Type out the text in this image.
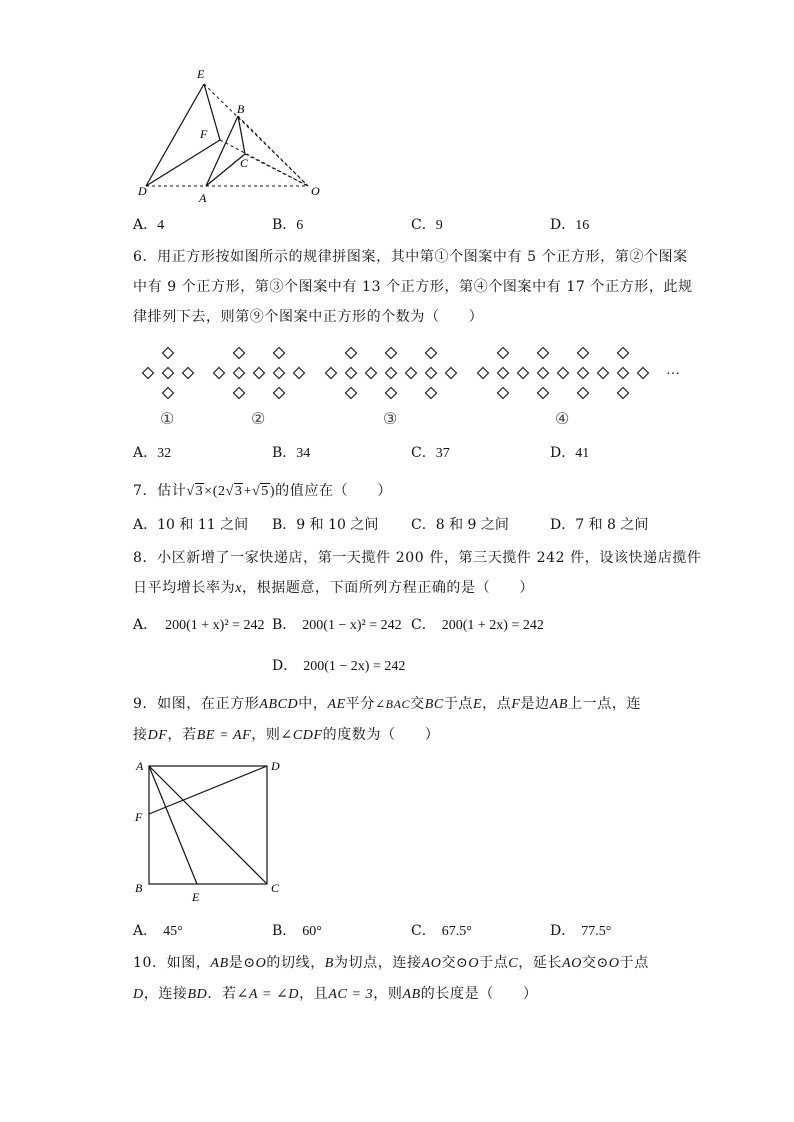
E
B
F
C
D	A	O
A．4	B．6	C．9	D．16
6．用正方形按如图所示的规律拼图案，其中第①个图案中有 5 个正方形，第②个图案
中有 9 个正方形，第③个图案中有 13 个正方形，第④个图案中有 17 个正方形，此规
律排列下去，则第⑨个图案中正方形的个数为（　　）
···
①	②	③	④
A．32	B．34	C．37	D．41
7．估计√3×(2√3+√5)的值应在（　　）
A．10 和 11 之间 B．9 和 10 之间 C．8 和 9 之间	D．7 和 8 之间
8．小区新增了一家快递店，第一天揽件 200 件，第三天揽件 242 件，设该快递店揽件
日平均增长率为x，根据题意，下面所列方程正确的是（　　）
A． 200(1 + x)² = 242 B． 200(1 − x)² = 242 C． 200(1 + 2x) = 242
D． 200(1 − 2x) = 242
9．如图，在正方形ABCD中，AE平分∠BAC交BC于点E，点F是边AB上一点，连
接DF，若BE = AF，则∠CDF的度数为（　　）
A	D
F
B
E
C
A． 45°	B． 60°	C． 67.5°	D． 77.5°
10．如图，AB是⊙O的切线，B为切点，连接AO交⊙O于点C，延长AO交⊙O于点
D，连接BD．若∠A = ∠D，且AC = 3，则AB的长度是（　　）
